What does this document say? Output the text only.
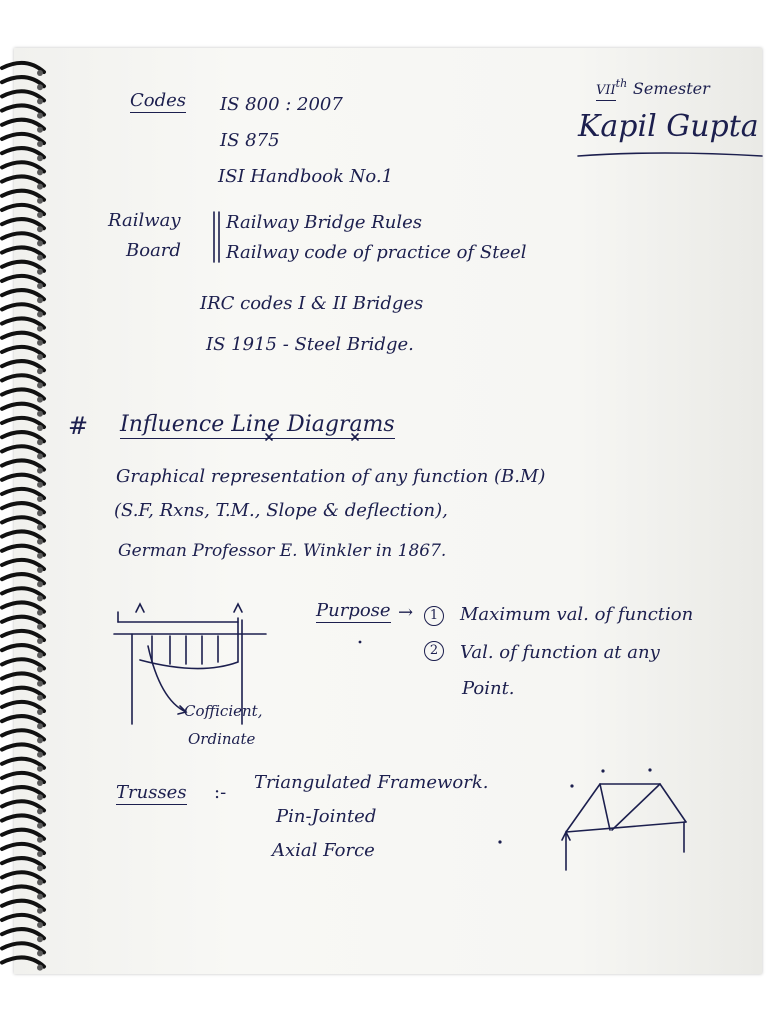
VIIth Semester
Kapil Gupta
Codes IS 800 : 2007
IS 875
ISI Handbook No.1
Railway
Board
Railway Bridge Rules
Railway code of practice of Steel
IRC codes I & II Bridges
IS 1915 - Steel Bridge.
# Influence Line Diagrams
Graphical representation of any function (B.M)
(S.F, Rxns, T.M., Slope & deflection),
German Professor E. Winkler in 1867.
Purpose →	1	Maximum val. of function
2	Val. of function at any
Point.
Cofficient,
Ordinate
Trusses :- Triangulated Framework.
Pin-Jointed
Axial Force
